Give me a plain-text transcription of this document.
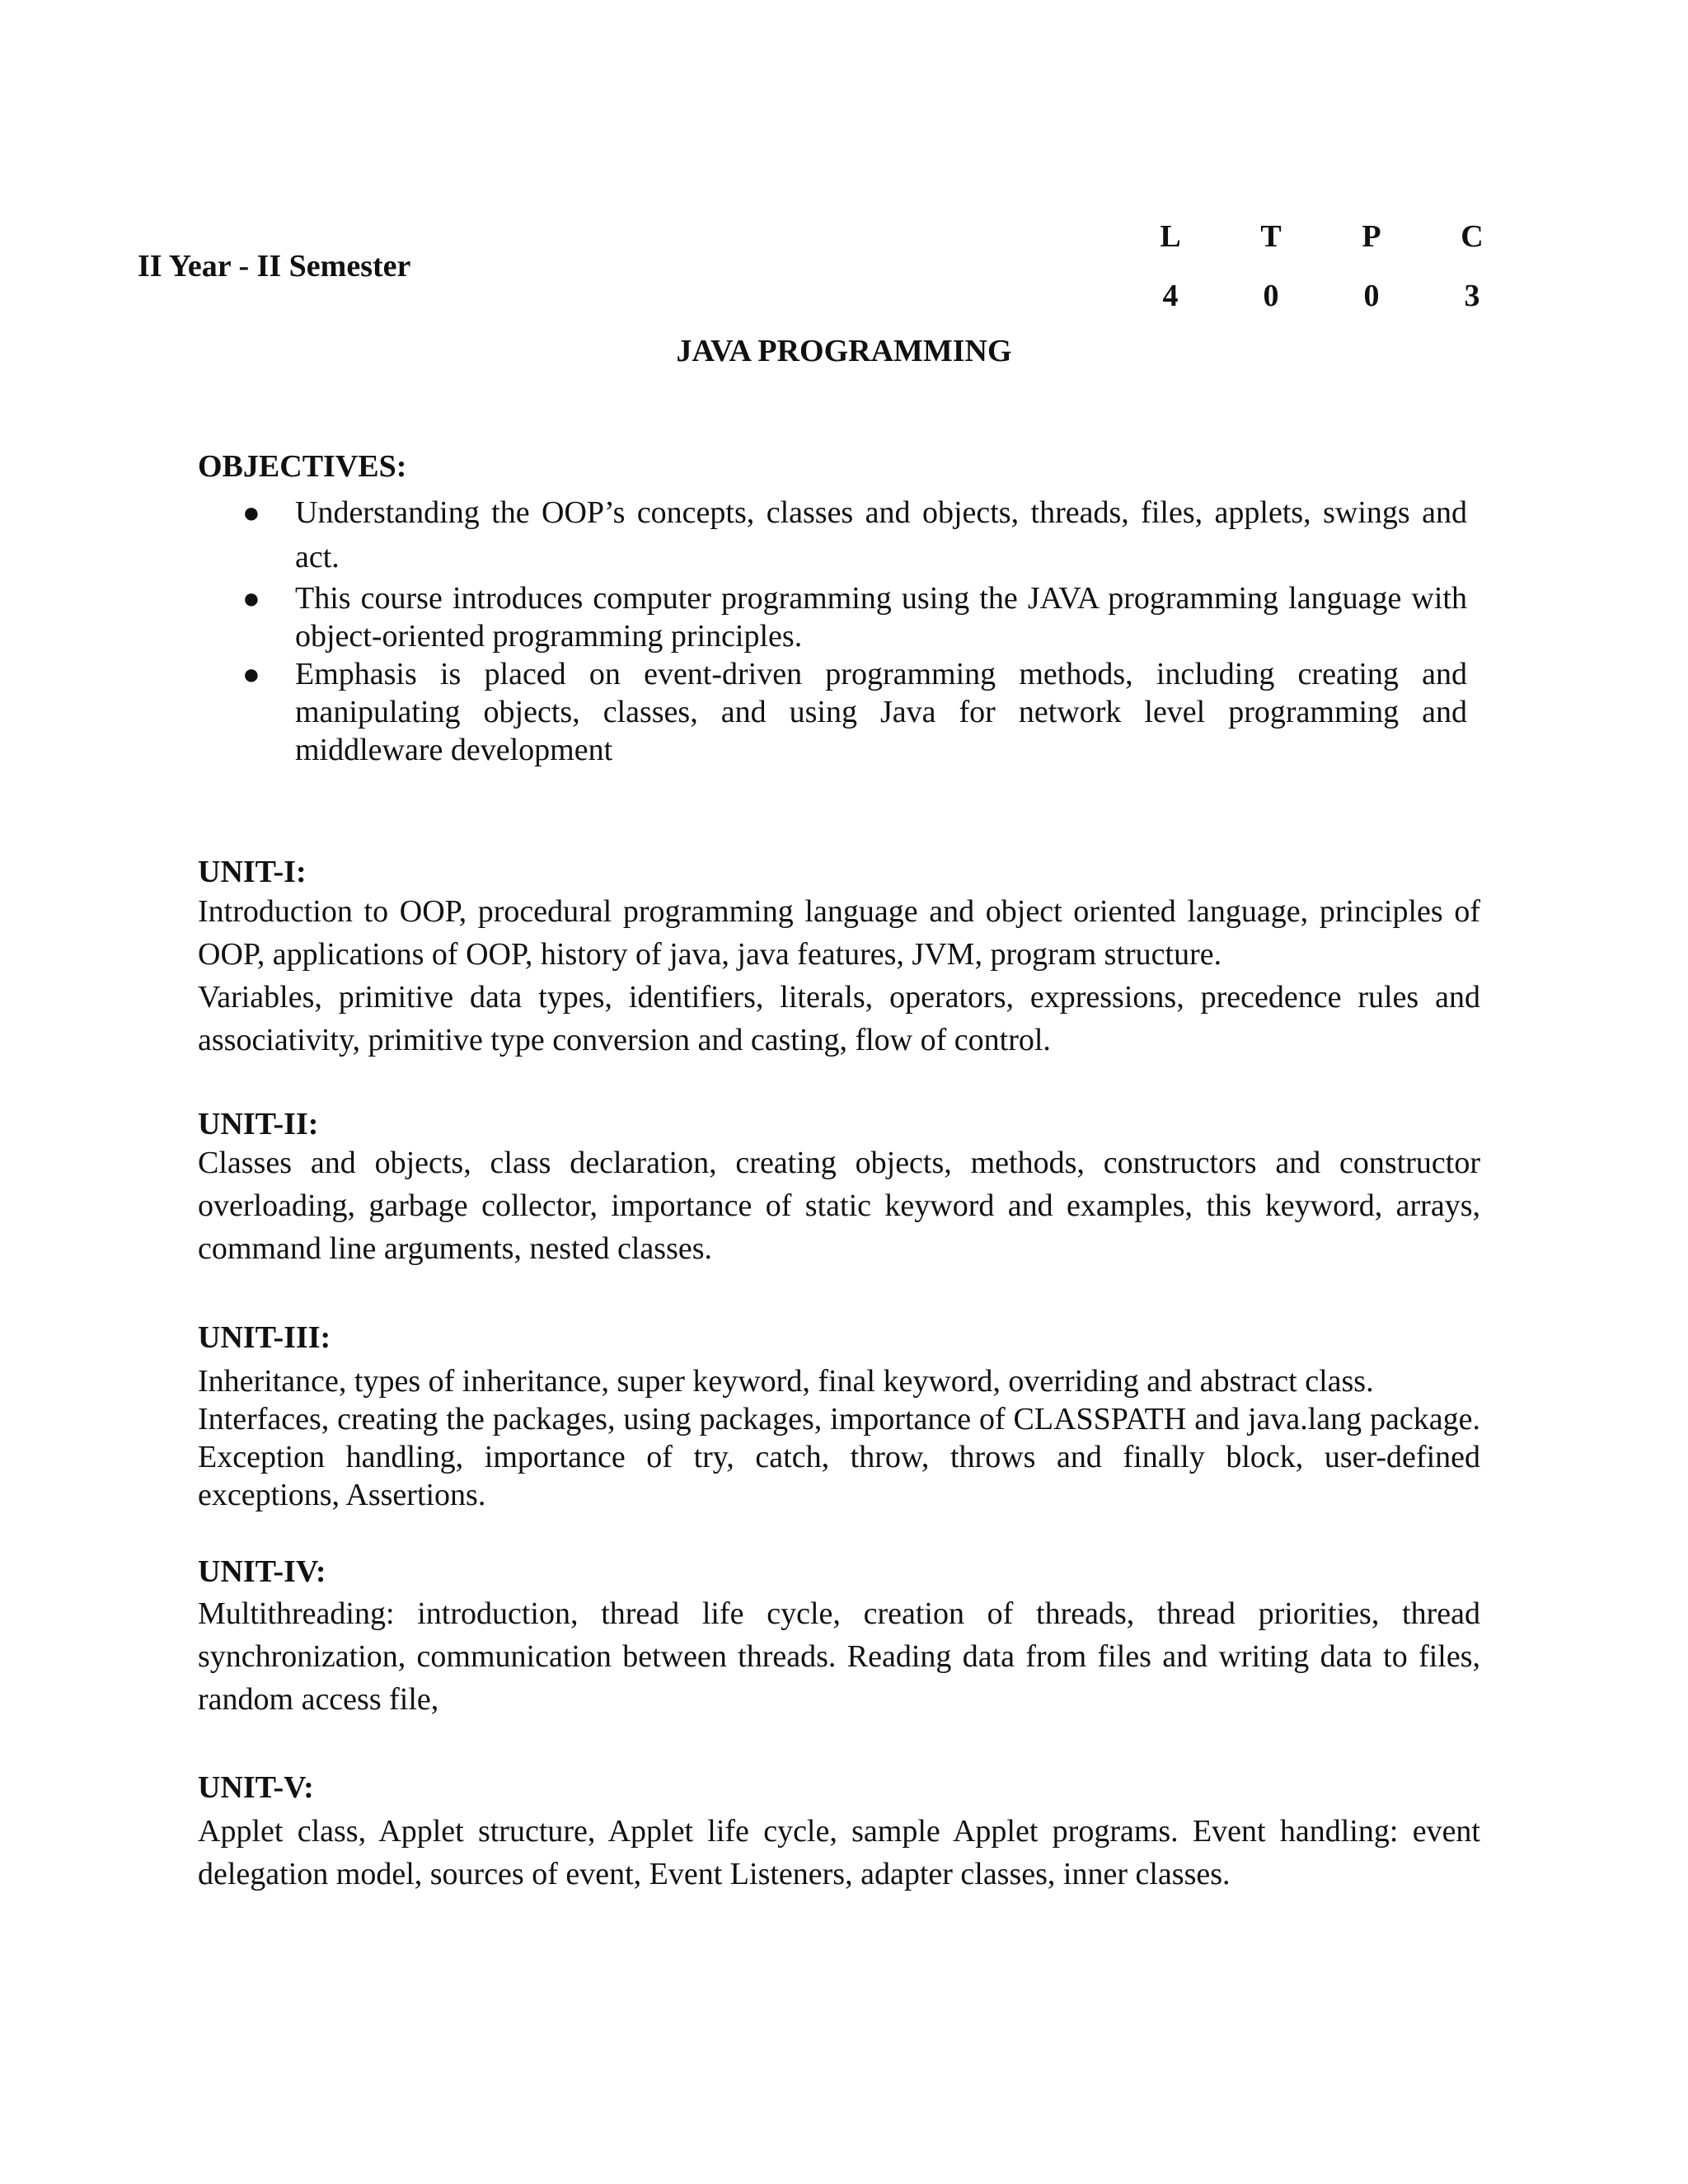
II Year - II Semester
L	T	P	C
4	0	0	3
JAVA PROGRAMMING
OBJECTIVES:
● Understanding the OOP’s concepts, classes and objects, threads, files, applets, swings and act.
● This course introduces computer programming using the JAVA programming language with object-oriented programming principles.
● Emphasis is placed on event-driven programming methods, including creating and manipulating objects, classes, and using Java for network level programming and middleware development
UNIT-I:

Introduction to OOP, procedural programming language and object oriented language, principles of OOP, applications of OOP, history of java, java features, JVM, program structure.

Variables, primitive data types, identifiers, literals, operators, expressions, precedence rules and associativity, primitive type conversion and casting, flow of control.

UNIT-II:

Classes and objects, class declaration, creating objects, methods, constructors and constructor overloading, garbage collector, importance of static keyword and examples, this keyword, arrays, command line arguments, nested classes.

UNIT-III:

Inheritance, types of inheritance, super keyword, final keyword, overriding and abstract class.

Interfaces, creating the packages, using packages, importance of CLASSPATH and java.lang package. Exception handling, importance of try, catch, throw, throws and finally block, user-defined exceptions, Assertions.

UNIT-IV:

Multithreading: introduction, thread life cycle, creation of threads, thread priorities, thread synchronization, communication between threads. Reading data from files and writing data to files, random access file,

UNIT-V:

Applet class, Applet structure, Applet life cycle, sample Applet programs. Event handling: event delegation model, sources of event, Event Listeners, adapter classes, inner classes.
